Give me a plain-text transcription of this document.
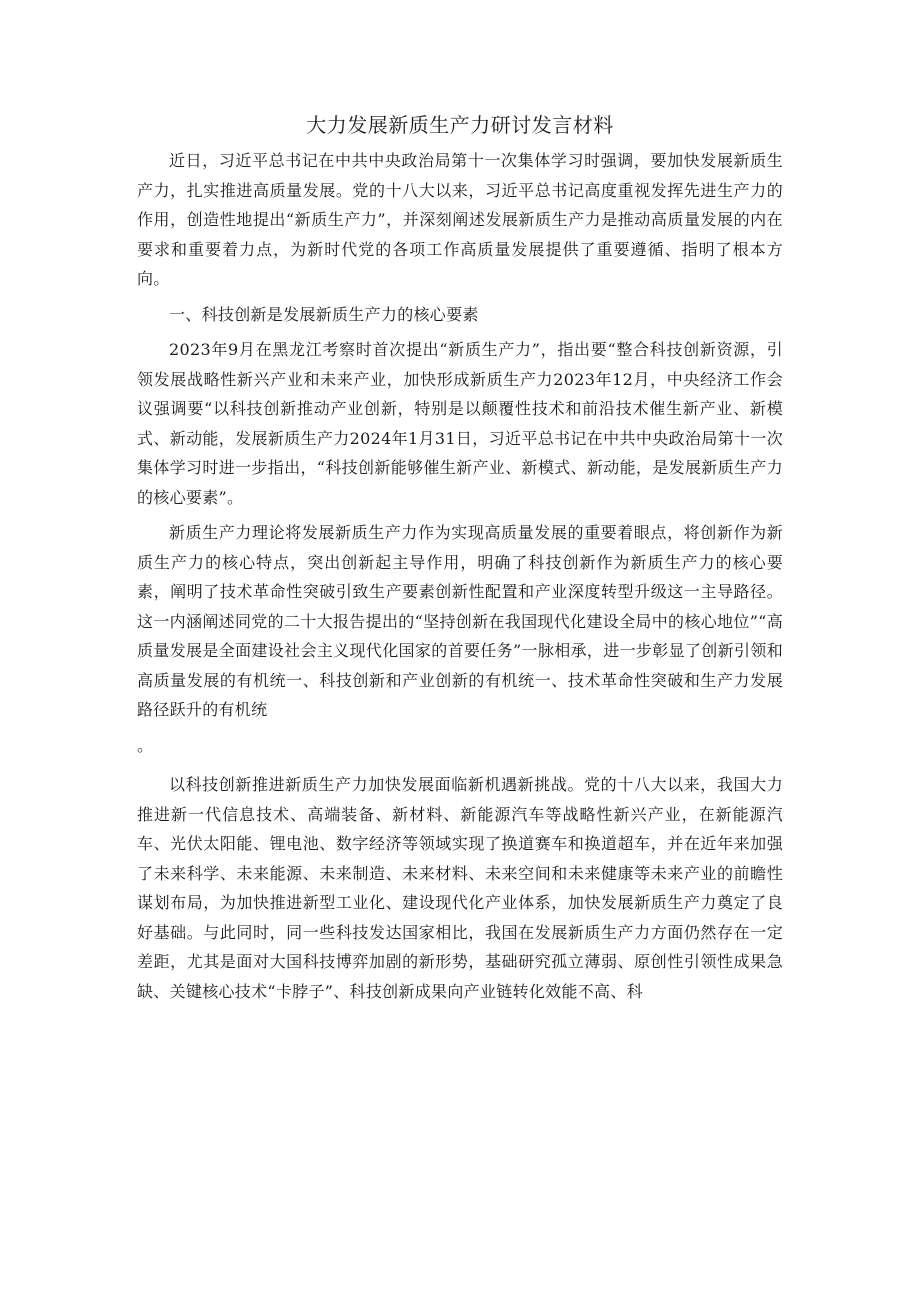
大力发展新质生产力研讨发言材料

近日，习近平总书记在中共中央政治局第十一次集体学习时强调，要加快发展新质生产力，扎实推进高质量发展。党的十八大以来，习近平总书记高度重视发挥先进生产力的作用，创造性地提出“新质生产力”，并深刻阐述发展新质生产力是推动高质量发展的内在要求和重要着力点，为新时代党的各项工作高质量发展提供了重要遵循、指明了根本方向。

一、科技创新是发展新质生产力的核心要素

2023年9月在黑龙江考察时首次提出“新质生产力”，指出要“整合科技创新资源，引领发展战略性新兴产业和未来产业，加快形成新质生产力2023年12月，中央经济工作会议强调要“以科技创新推动产业创新，特别是以颠覆性技术和前沿技术催生新产业、新模式、新动能，发展新质生产力2024年1月31日，习近平总书记在中共中央政治局第十一次集体学习时进一步指出，“科技创新能够催生新产业、新模式、新动能，是发展新质生产力的核心要素”。

新质生产力理论将发展新质生产力作为实现高质量发展的重要着眼点，将创新作为新质生产力的核心特点，突出创新起主导作用，明确了科技创新作为新质生产力的核心要素，阐明了技术革命性突破引致生产要素创新性配置和产业深度转型升级这一主导路径。这一内涵阐述同党的二十大报告提出的“坚持创新在我国现代化建设全局中的核心地位”“高质量发展是全面建设社会主义现代化国家的首要任务”一脉相承，进一步彰显了创新引领和高质量发展的有机统一、科技创新和产业创新的有机统一、技术革命性突破和生产力发展路径跃升的有机统

。

以科技创新推进新质生产力加快发展面临新机遇新挑战。党的十八大以来，我国大力推进新一代信息技术、高端装备、新材料、新能源汽车等战略性新兴产业，在新能源汽车、光伏太阳能、锂电池、数字经济等领域实现了换道赛车和换道超车，并在近年来加强了未来科学、未来能源、未来制造、未来材料、未来空间和未来健康等未来产业的前瞻性谋划布局，为加快推进新型工业化、建设现代化产业体系，加快发展新质生产力奠定了良好基础。与此同时，同一些科技发达国家相比，我国在发展新质生产力方面仍然存在一定差距，尤其是面对大国科技博弈加剧的新形势，基础研究孤立薄弱、原创性引领性成果急缺、关键核心技术“卡脖子”、科技创新成果向产业链转化效能不高、科
